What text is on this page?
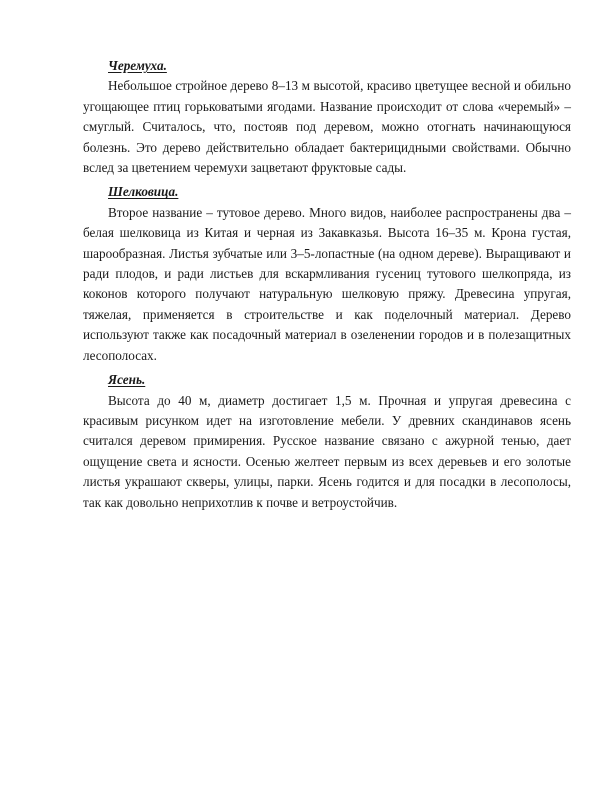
Черемуха.

Небольшое стройное дерево 8–13 м высотой, красиво цветущее весной и обильно угощающее птиц горьковатыми ягодами. Название происходит от слова «черемый» – смуглый. Считалось, что, постояв под деревом, можно отогнать начинающуюся болезнь. Это дерево действительно обладает бактерицидными свойствами. Обычно вслед за цветением черемухи зацветают фруктовые сады.

Шелковица.

Второе название – тутовое дерево. Много видов, наиболее распространены два – белая шелковица из Китая и черная из Закавказья. Высота 16–35 м. Крона густая, шарообразная. Листья зубчатые или 3–5-лопастные (на одном дереве). Выращивают и ради плодов, и ради листьев для вскармливания гусениц тутового шелкопряда, из коконов которого получают натуральную шелковую пряжу. Древесина упругая, тяжелая, применяется в строительстве и как поделочный материал. Дерево используют также как посадочный материал в озеленении городов и в полезащитных лесополосах.

Ясень.

Высота до 40 м, диаметр достигает 1,5 м. Прочная и упругая древесина с красивым рисунком идет на изготовление мебели. У древних скандинавов ясень считался деревом примирения. Русское название связано с ажурной тенью, дает ощущение света и ясности. Осенью желтеет первым из всех деревьев и его золотые листья украшают скверы, улицы, парки. Ясень годится и для посадки в лесополосы, так как довольно неприхотлив к почве и ветроустойчив.
